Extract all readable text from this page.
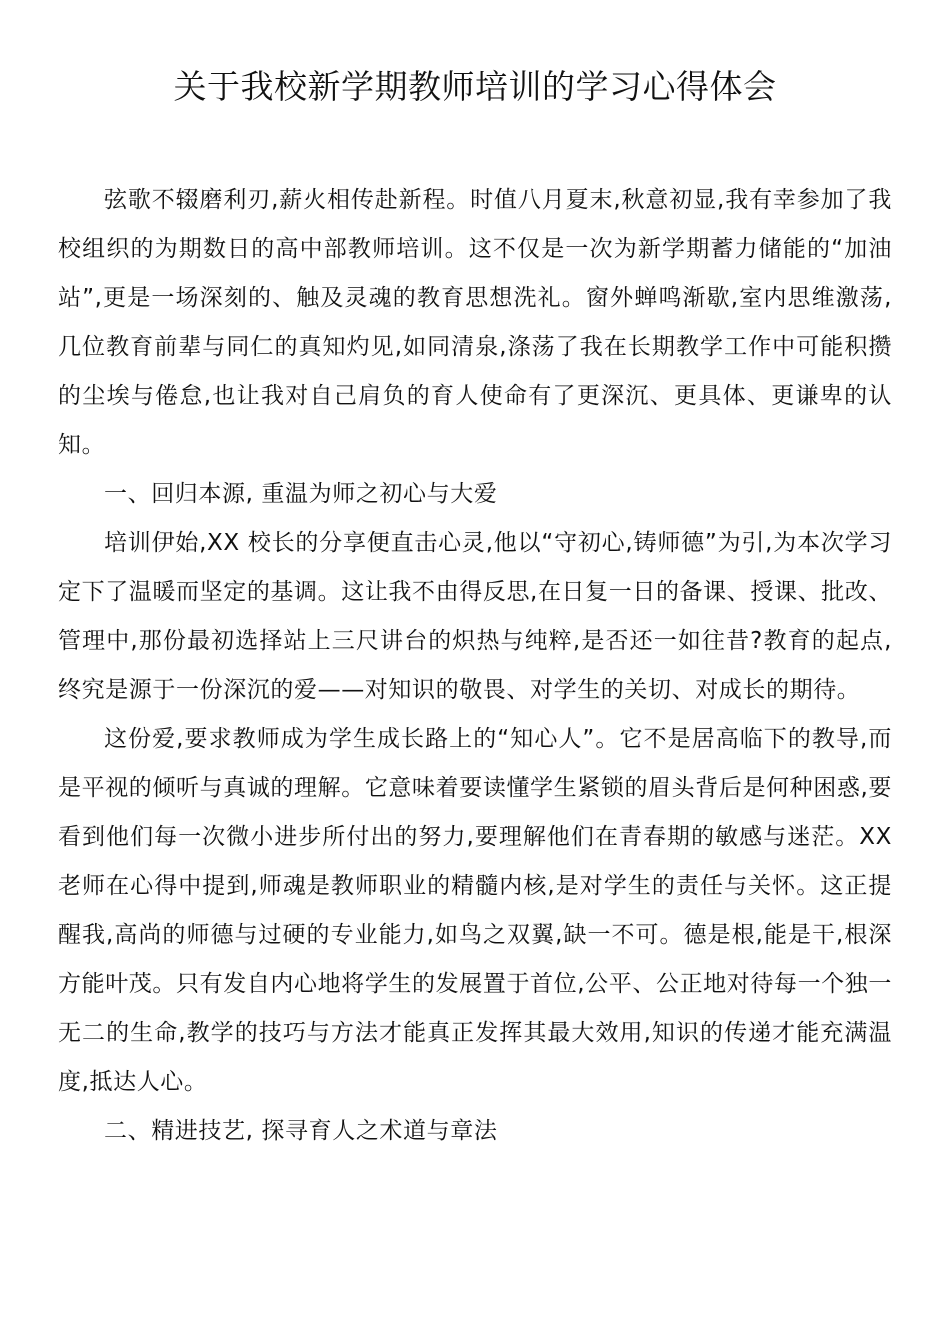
关于我校新学期教师培训的学习心得体会

弦歌不辍磨利刃,薪火相传赴新程。时值八月夏末,秋意初显,我有幸参加了我校组织的为期数日的高中部教师培训。这不仅是一次为新学期蓄力储能的“加油站”,更是一场深刻的、触及灵魂的教育思想洗礼。窗外蝉鸣渐歇,室内思维激荡,几位教育前辈与同仁的真知灼见,如同清泉,涤荡了我在长期教学工作中可能积攒的尘埃与倦怠,也让我对自己肩负的育人使命有了更深沉、更具体、更谦卑的认知。

一、回归本源, 重温为师之初心与大爱

培训伊始,XX 校长的分享便直击心灵,他以“守初心,铸师德”为引,为本次学习定下了温暖而坚定的基调。这让我不由得反思,在日复一日的备课、授课、批改、管理中,那份最初选择站上三尺讲台的炽热与纯粹,是否还一如往昔?教育的起点,终究是源于一份深沉的爱——对知识的敬畏、对学生的关切、对成长的期待。

这份爱,要求教师成为学生成长路上的“知心人”。它不是居高临下的教导,而是平视的倾听与真诚的理解。它意味着要读懂学生紧锁的眉头背后是何种困惑,要看到他们每一次微小进步所付出的努力,要理解他们在青春期的敏感与迷茫。XX 老师在心得中提到,师魂是教师职业的精髓内核,是对学生的责任与关怀。这正提醒我,高尚的师德与过硬的专业能力,如鸟之双翼,缺一不可。德是根,能是干,根深方能叶茂。只有发自内心地将学生的发展置于首位,公平、公正地对待每一个独一无二的生命,教学的技巧与方法才能真正发挥其最大效用,知识的传递才能充满温度,抵达人心。

二、精进技艺, 探寻育人之术道与章法
